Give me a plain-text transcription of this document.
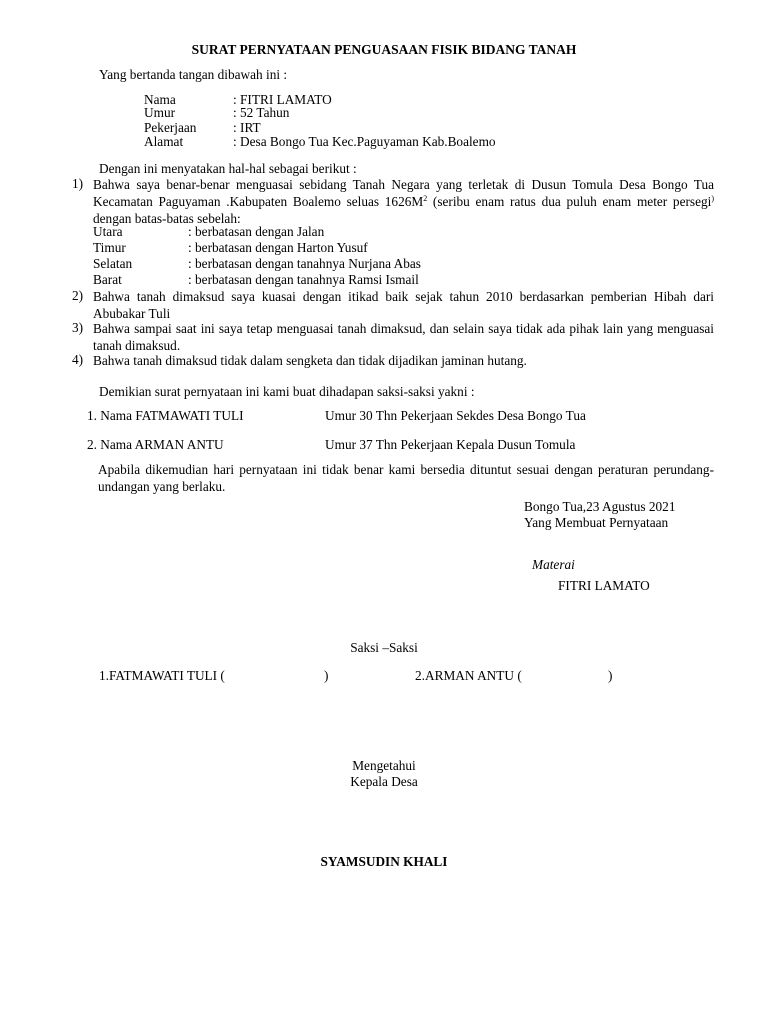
SURAT PERNYATAAN PENGUASAAN FISIK BIDANG TANAH
Yang bertanda tangan dibawah ini :
Nama	: FITRI LAMATO
Umur	: 52 Tahun
Pekerjaan	: IRT
Alamat	: Desa Bongo Tua Kec.Paguyaman Kab.Boalemo
Dengan ini menyatakan hal-hal sebagai berikut :
1) Bahwa saya benar-benar menguasai sebidang Tanah Negara yang terletak di Dusun Tomula Desa Bongo Tua Kecamatan Paguyaman .Kabupaten Boalemo seluas $1626M^2$ (seribu enam ratus dua puluh enam meter persegi) dengan batas-batas sebelah:
Utara	: berbatasan dengan Jalan
Timur	: berbatasan dengan Harton Yusuf
Selatan	: berbatasan dengan tanahnya Nurjana Abas
Barat	: berbatasan dengan tanahnya Ramsi Ismail
2) Bahwa tanah dimaksud saya kuasai dengan itikad baik sejak tahun 2010 berdasarkan pemberian Hibah dari Abubakar Tuli
3) Bahwa sampai saat ini saya tetap menguasai tanah dimaksud, dan selain saya tidak ada pihak lain yang menguasai tanah dimaksud.
4) Bahwa tanah dimaksud tidak dalam sengketa dan tidak dijadikan jaminan hutang.
Demikian surat pernyataan ini kami buat dihadapan saksi-saksi yakni :
1. Nama FATMAWATI TULI	Umur 30 Thn Pekerjaan Sekdes Desa Bongo Tua
2. Nama ARMAN ANTU	Umur 37 Thn Pekerjaan Kepala Dusun Tomula
Apabila dikemudian hari pernyataan ini tidak benar kami bersedia dituntut sesuai dengan peraturan perundang-undangan yang berlaku.
Bongo Tua,23 Agustus 2021
Yang Membuat Pernyataan
Materai
FITRI LAMATO
Saksi –Saksi
1.FATMAWATI TULI (	)	2.ARMAN ANTU (	)
Mengetahui
Kepala Desa
SYAMSUDIN KHALI
